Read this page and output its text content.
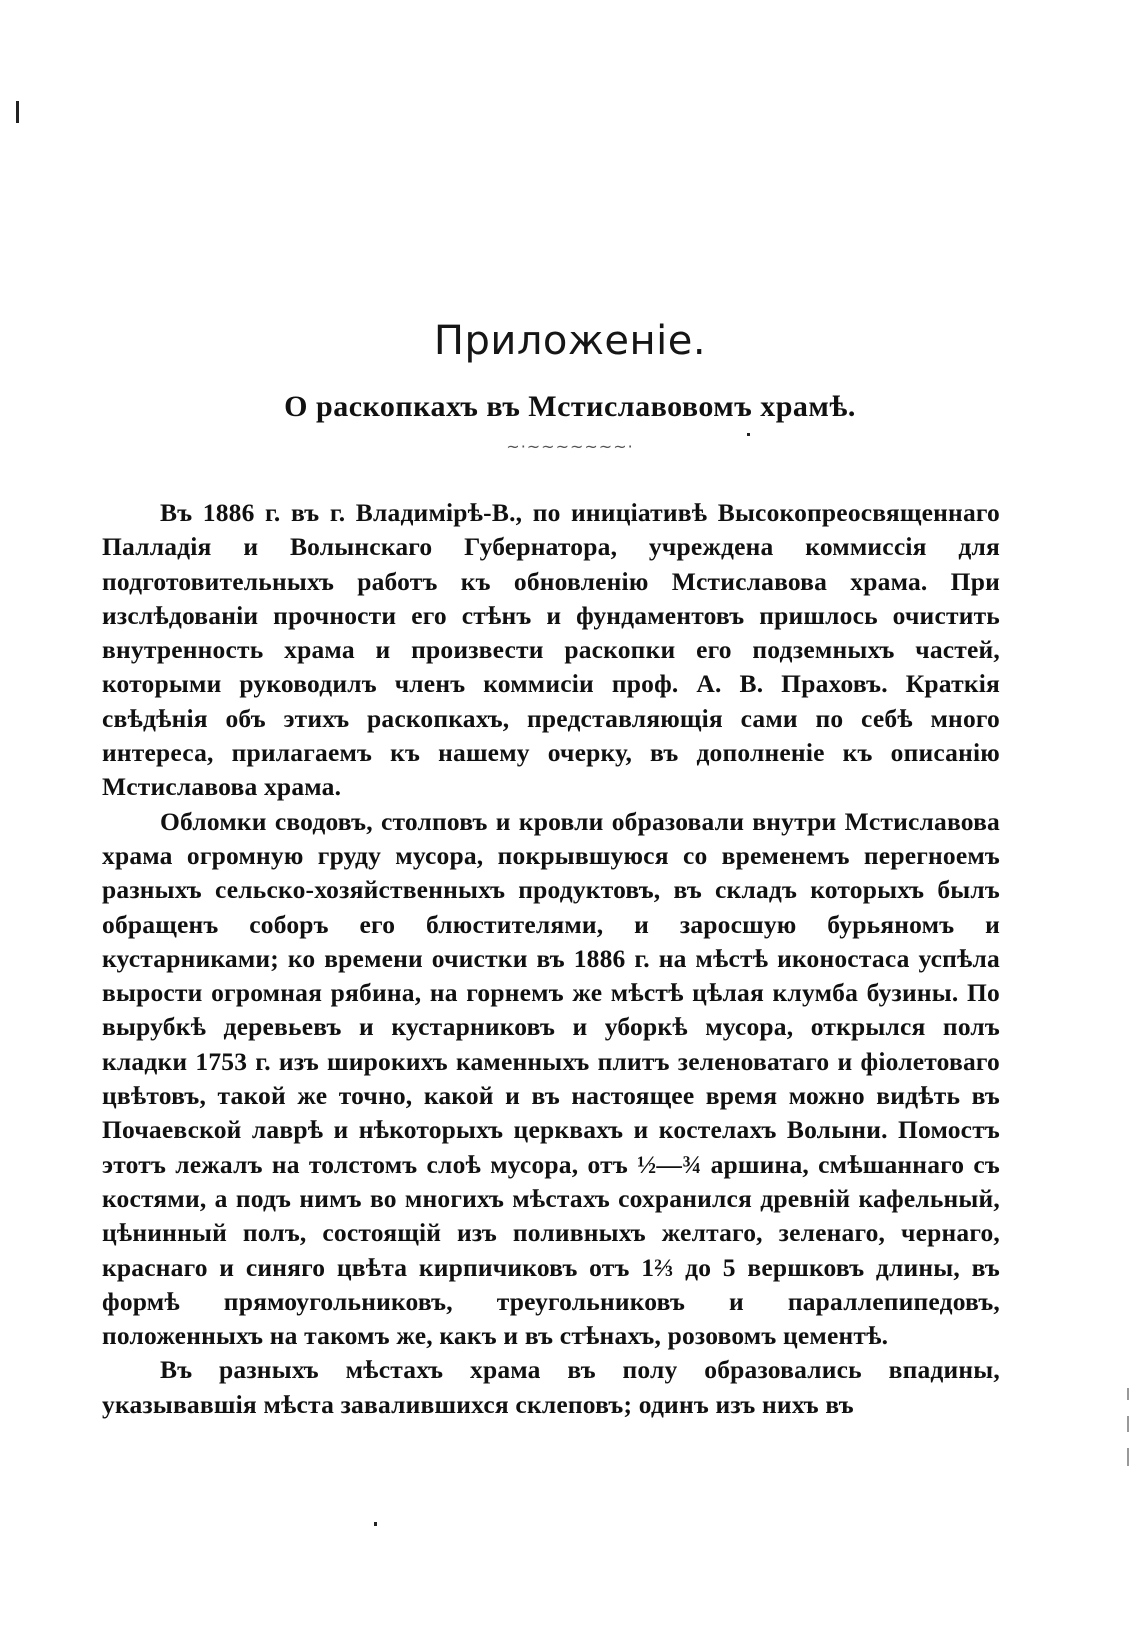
Приложеніе.
О раскопкахъ въ Мстиславовомъ храмѣ.
~·~~~~~~~·

Въ 1886 г. въ г. Владимірѣ-В., по иниціативѣ Высокопреосвященнаго Палладія и Волынскаго Губернатора, учреждена коммиссія для подготовительныхъ работъ къ обновленію Мстиславова храма. При изслѣдованіи прочности его стѣнъ и фундаментовъ пришлось очистить внутренность храма и произвести раскопки его подземныхъ частей, которыми руководилъ членъ коммисіи проф. А. В. Праховъ. Краткія свѣдѣнія объ этихъ раскопкахъ, представляющія сами по себѣ много интереса, прилагаемъ къ нашему очерку, въ дополненіе къ описанію Мстиславова храма.

Обломки сводовъ, столповъ и кровли образовали внутри Мстиславова храма огромную груду мусора, покрывшуюся со временемъ перегноемъ разныхъ сельско-хозяйственныхъ продуктовъ, въ складъ которыхъ былъ обращенъ соборъ его блюстителями, и заросшую бурьяномъ и кустарниками; ко времени очистки въ 1886 г. на мѣстѣ иконостаса успѣла вырости огромная рябина, на горнемъ же мѣстѣ цѣлая клумба бузины. По вырубкѣ деревьевъ и кустарниковъ и уборкѣ мусора, открылся полъ кладки 1753 г. изъ широкихъ каменныхъ плитъ зеленоватаго и фіолетоваго цвѣтовъ, такой же точно, какой и въ настоящее время можно видѣть въ Почаевской лаврѣ и нѣкоторыхъ церквахъ и костелахъ Волыни. Помостъ этотъ лежалъ на толстомъ слоѣ мусора, отъ ½—¾ аршина, смѣшаннаго съ костями, а подъ нимъ во многихъ мѣстахъ сохранился древній кафельный, цѣнинный полъ, состоящій изъ поливныхъ желтаго, зеленаго, чернаго, краснаго и синяго цвѣта кирпичиковъ отъ 1⅔ до 5 вершковъ длины, въ формѣ прямоугольниковъ, треугольниковъ и параллепипедовъ, положенныхъ на такомъ же, какъ и въ стѣнахъ, розовомъ цементѣ.

Въ разныхъ мѣстахъ храма въ полу образовались впадины, указывавшія мѣста завалившихся склеповъ; одинъ изъ нихъ въ
